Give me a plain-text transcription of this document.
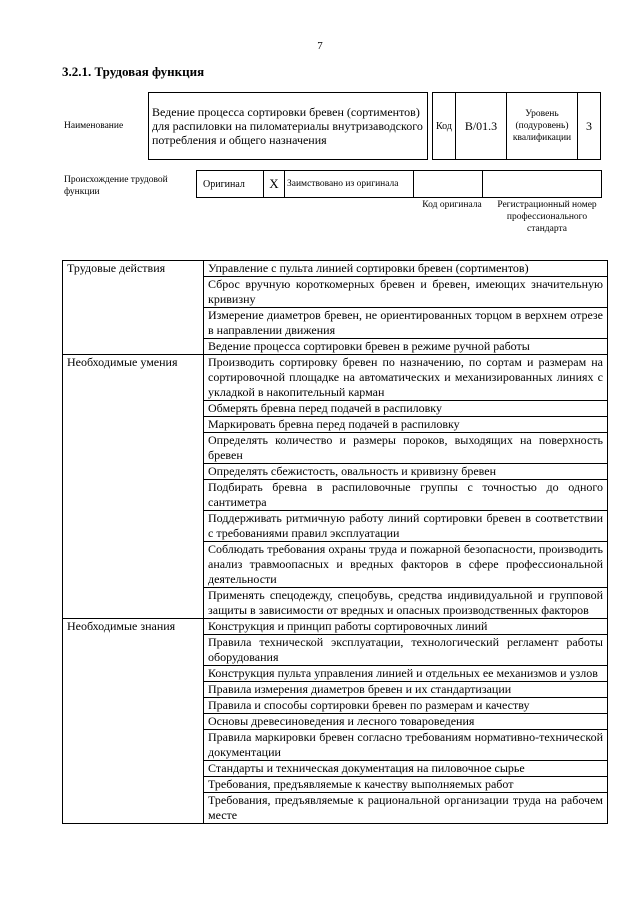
7
3.2.1. Трудовая функция
Наименование	Ведение процесса сортировки бревен (сортиментов) для распиловки на пиломатериалы внутризаводского потребления и общего назначения		Код	В/01.3	Уровень (подуровень) квалификации	3
Происхождение трудовой функции
Оригинал	X	Заимствовано из оригинала		
Код оригинала	Регистрационный номер профессионального стандарта
Трудовые действия	Управление с пульта линией сортировки бревен (сортиментов)
	Сброс вручную короткомерных бревен и бревен, имеющих значительную кривизну
	Измерение диаметров бревен, не ориентированных торцом в верхнем отрезе в направлении движения
	Ведение процесса сортировки бревен в режиме ручной работы
Необходимые умения	Производить сортировку бревен по назначению, по сортам и размерам на сортировочной площадке на автоматических и механизированных линиях с укладкой в накопительный карман
	Обмерять бревна перед подачей в распиловку
	Маркировать бревна перед подачей в распиловку
	Определять количество и размеры пороков, выходящих на поверхность бревен
	Определять сбежистость, овальность и кривизну бревен
	Подбирать бревна в распиловочные группы с точностью до одного сантиметра
	Поддерживать ритмичную работу линий сортировки бревен в соответствии с требованиями правил эксплуатации
	Соблюдать требования охраны труда и пожарной безопасности, производить анализ травмоопасных и вредных факторов в сфере профессиональной деятельности
	Применять спецодежду, спецобувь, средства индивидуальной и групповой защиты в зависимости от вредных и опасных производственных факторов
Необходимые знания	Конструкция и принцип работы сортировочных линий
	Правила технической эксплуатации, технологический регламент работы оборудования
	Конструкция пульта управления линией и отдельных ее механизмов и узлов
	Правила измерения диаметров бревен и их стандартизации
	Правила и способы сортировки бревен по размерам и качеству
	Основы древесиноведения и лесного товароведения
	Правила маркировки бревен согласно требованиям нормативно-технической документации
	Стандарты и техническая документация на пиловочное сырье
	Требования, предъявляемые к качеству выполняемых работ
	Требования, предъявляемые к рациональной организации труда на рабочем месте
